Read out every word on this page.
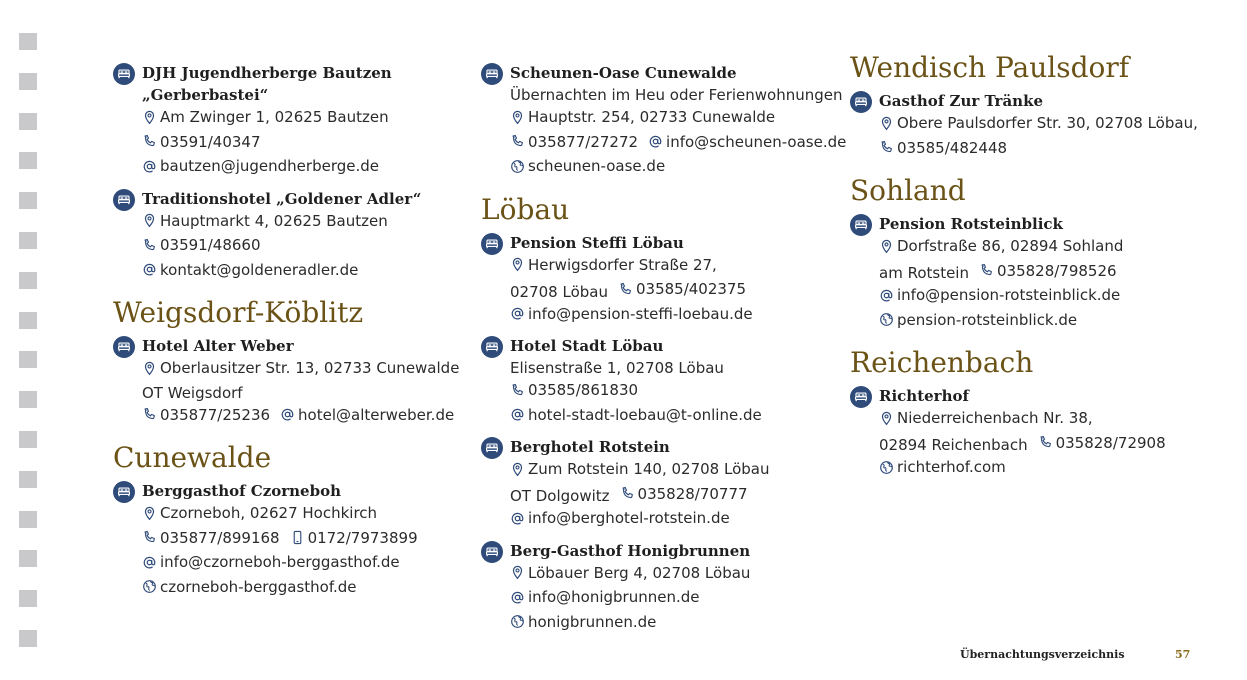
DJH Jugendherberge Bautzen
„Gerberbastei“
Am Zwinger 1, 02625 Bautzen
03591/40347
bautzen@jugendherberge.de
Traditionshotel „Goldener Adler“
Hauptmarkt 4, 02625 Bautzen
03591/48660
kontakt@goldeneradler.de
Weigsdorf-Köblitz
Hotel Alter Weber
Oberlausitzer Str. 13, 02733 Cunewalde
OT Weigsdorf
035877/25236 hotel@alterweber.de
Cunewalde
Berggasthof Czorneboh
Czorneboh, 02627 Hochkirch
035877/899168 0172/7973899
info@czorneboh-berggasthof.de
czorneboh-berggasthof.de
Scheunen-Oase Cunewalde
Übernachten im Heu oder Ferienwohnungen
Hauptstr. 254, 02733 Cunewalde
035877/27272 info@scheunen-oase.de
scheunen-oase.de
Löbau
Pension Steffi Löbau
Herwigsdorfer Straße 27,
02708 Löbau 03585/402375
info@pension-steffi-loebau.de
Hotel Stadt Löbau
Elisenstraße 1, 02708 Löbau
03585/861830
hotel-stadt-loebau@t-online.de
Berghotel Rotstein
Zum Rotstein 140, 02708 Löbau
OT Dolgowitz 035828/70777
info@berghotel-rotstein.de
Berg-Gasthof Honigbrunnen
Löbauer Berg 4, 02708 Löbau
info@honigbrunnen.de
honigbrunnen.de
Wendisch Paulsdorf
Gasthof Zur Tränke
Obere Paulsdorfer Str. 30, 02708 Löbau,
03585/482448
Sohland
Pension Rotsteinblick
Dorfstraße 86, 02894 Sohland
am Rotstein 035828/798526
info@pension-rotsteinblick.de
pension-rotsteinblick.de
Reichenbach
Richterhof
Niederreichenbach Nr. 38,
02894 Reichenbach 035828/72908
richterhof.com
Übernachtungsverzeichnis	57
